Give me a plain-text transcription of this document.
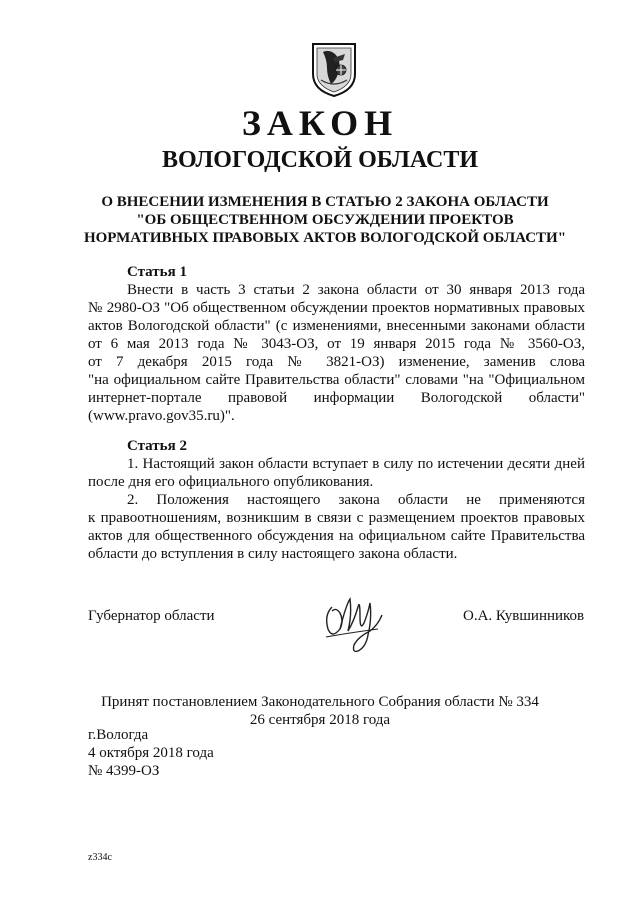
ЗАКОН
ВОЛОГОДСКОЙ ОБЛАСТИ
О ВНЕСЕНИИ ИЗМЕНЕНИЯ В СТАТЬЮ 2 ЗАКОНА ОБЛАСТИ
"ОБ ОБЩЕСТВЕННОМ ОБСУЖДЕНИИ ПРОЕКТОВ
НОРМАТИВНЫХ ПРАВОВЫХ АКТОВ ВОЛОГОДСКОЙ ОБЛАСТИ"
Статья 1
Внести в часть 3 статьи 2 закона области от 30 января 2013 года
№ 2980-ОЗ "Об общественном обсуждении проектов нормативных правовых
актов Вологодской области" (с изменениями, внесенными законами области
от 6 мая 2013 года № 3043-ОЗ, от 19 января 2015 года № 3560-ОЗ,
от 7 декабря 2015 года № 3821-ОЗ) изменение, заменив слова
"на официальном сайте Правительства области" словами "на "Официальном
интернет-портале правовой информации Вологодской области"
(www.pravo.gov35.ru)".
Статья 2
1. Настоящий закон области вступает в силу по истечении десяти дней
после дня его официального опубликования.
2. Положения настоящего закона области не применяются
к правоотношениям, возникшим в связи с размещением проектов правовых
актов для общественного обсуждения на официальном сайте Правительства
области до вступления в силу настоящего закона области.
Губернатор области	О.А. Кувшинников
Принят постановлением Законодательного Собрания области № 334
26 сентября 2018 года
г.Вологда
4 октября 2018 года
№ 4399-ОЗ
z334c
